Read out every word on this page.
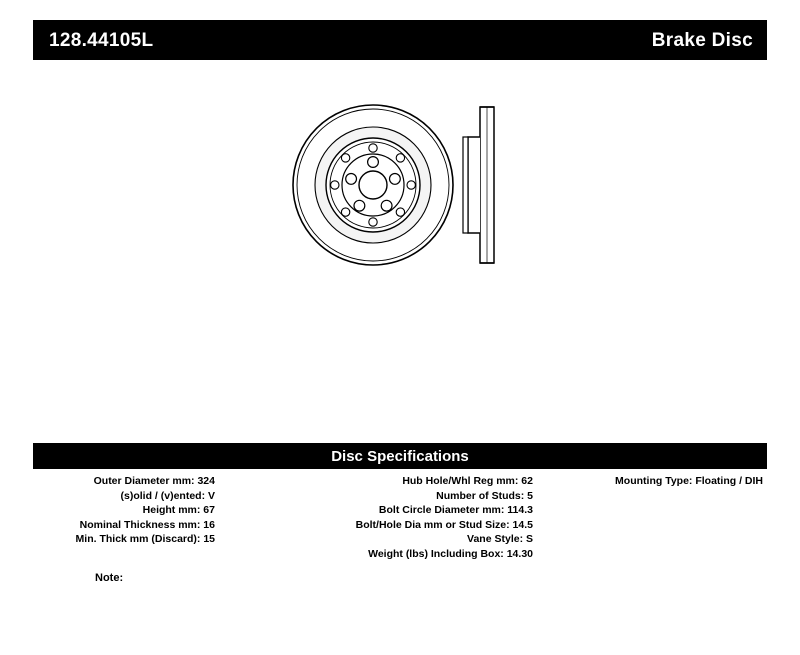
128.44105L	Brake Disc
Disc Specifications
Outer Diameter mm: 324
(s)olid / (v)ented: V
Height mm: 67
Nominal Thickness mm: 16
Min. Thick mm (Discard): 15
Hub Hole/Whl Reg mm: 62
Number of Studs: 5
Bolt Circle Diameter mm: 114.3
Bolt/Hole Dia mm or Stud Size: 14.5
Vane Style: S
Weight (lbs) Including Box: 14.30
Mounting Type: Floating / DIH
Note:
